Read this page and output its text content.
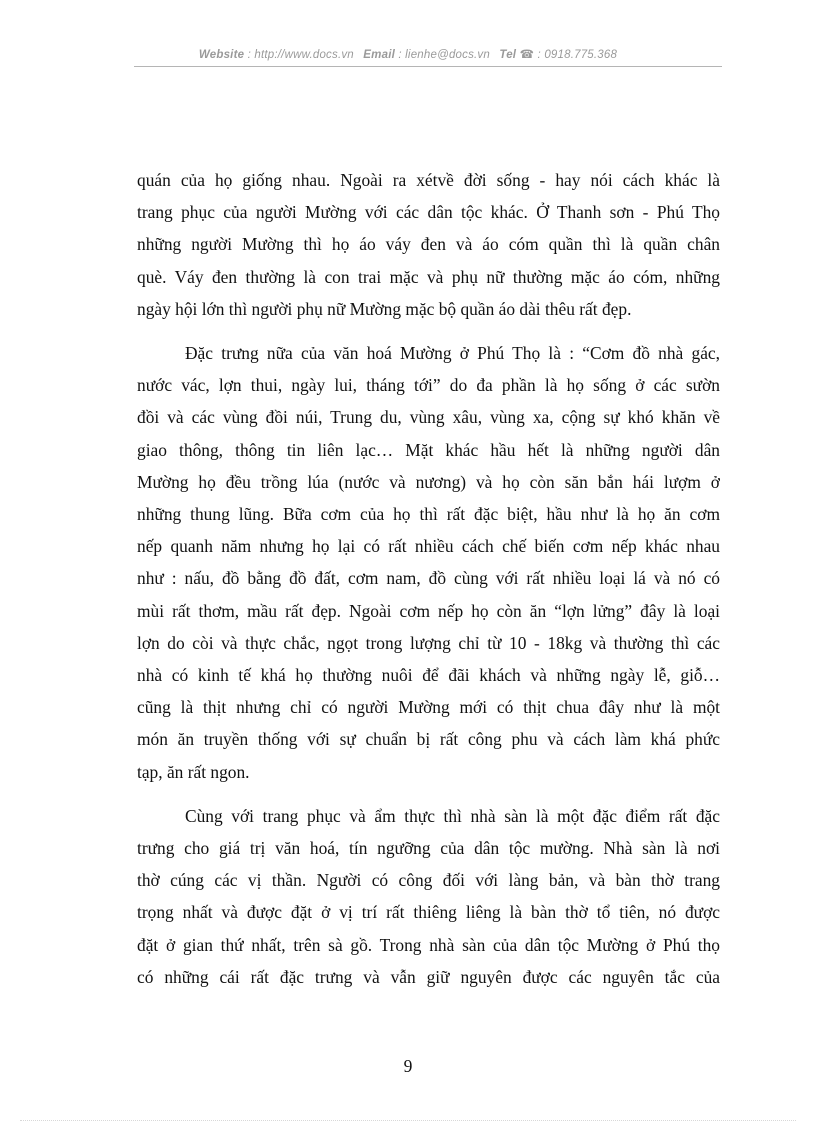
Website : http://www.docs.vn Email : lienhe@docs.vn Tel ☎ : 0918.775.368

quán của họ giống nhau. Ngoài ra xétvề đời sống - hay nói cách khác là
trang phục của người Mường với các dân tộc khác. Ở Thanh sơn - Phú Thọ
những người Mường thì họ áo váy đen và áo cóm quần thì là quần chân
què. Váy đen thường là con trai mặc và phụ nữ thường mặc áo cóm, những
ngày hội lớn thì người phụ nữ Mường mặc bộ quần áo dài thêu rất đẹp.

Đặc trưng nữa của văn hoá Mường ở Phú Thọ là : “Cơm đồ nhà gác,
nước vác, lợn thui, ngày lui, tháng tới” do đa phần là họ sống ở các sườn
đồi và các vùng đồi núi, Trung du, vùng xâu, vùng xa, cộng sự khó khăn về
giao thông, thông tin liên lạc… Mặt khác hầu hết là những người dân
Mường họ đều trồng lúa (nước và nương) và họ còn săn bắn hái lượm ở
những thung lũng. Bữa cơm của họ thì rất đặc biệt, hầu như là họ ăn cơm
nếp quanh năm nhưng họ lại có rất nhiều cách chế biến cơm nếp khác nhau
như : nấu, đồ bằng đồ đất, cơm nam, đồ cùng với rất nhiều loại lá và nó có
mùi rất thơm, mầu rất đẹp. Ngoài cơm nếp họ còn ăn “lợn lửng” đây là loại
lợn do còi và thực chắc, ngọt trong lượng chỉ từ 10 - 18kg và thường thì các
nhà có kinh tế khá họ thường nuôi để đãi khách và những ngày lễ, giỗ…
cũng là thịt nhưng chỉ có người Mường mới có thịt chua đây như là một
món ăn truyền thống với sự chuẩn bị rất công phu và cách làm khá phức
tạp, ăn rất ngon.

Cùng với trang phục và ẩm thực thì nhà sàn là một đặc điểm rất đặc
trưng cho giá trị văn hoá, tín ngưỡng của dân tộc mường. Nhà sàn là nơi
thờ cúng các vị thần. Người có công đối với làng bản, và bàn thờ trang
trọng nhất và được đặt ở vị trí rất thiêng liêng là bàn thờ tổ tiên, nó được
đặt ở gian thứ nhất, trên sà gồ. Trong nhà sàn của dân tộc Mường ở Phú thọ
có những cái rất đặc trưng và vẫn giữ nguyên được các nguyên tắc của

9
